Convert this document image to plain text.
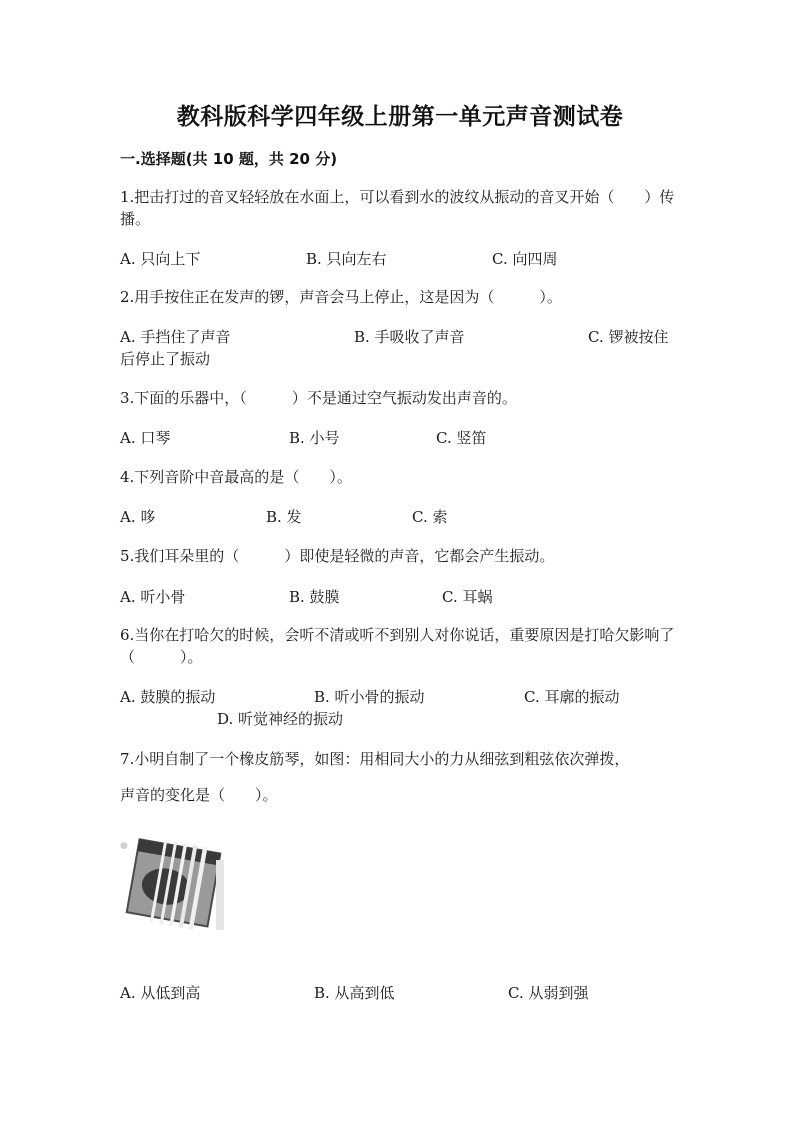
教科版科学四年级上册第一单元声音测试卷
一.选择题(共 10 题，共 20 分)
1.把击打过的音叉轻轻放在水面上，可以看到水的波纹从振动的音叉开始（　　）传播。
A. 只向上下	B. 只向左右	C. 向四周
2.用手按住正在发声的锣，声音会马上停止，这是因为（　　　）。
A. 手挡住了声音	B. 手吸收了声音	C. 锣被按住
后停止了振动
3.下面的乐器中，（　　　）不是通过空气振动发出声音的。
A. 口琴	B. 小号	C. 竖笛
4.下列音阶中音最高的是（　　）。
A. 哆	B. 发	C. 索
5.我们耳朵里的（　　　）即使是轻微的声音，它都会产生振动。
A. 听小骨	B. 鼓膜	C. 耳蜗
6.当你在打哈欠的时候，会听不清或听不到别人对你说话，重要原因是打哈欠影响了（　　　）。
A. 鼓膜的振动	B. 听小骨的振动	C. 耳廓的振动
D. 听觉神经的振动
7.小明自制了一个橡皮筋琴，如图：用相同大小的力从细弦到粗弦依次弹拨，
声音的变化是（　　）。
●
A. 从低到高	B. 从高到低	C. 从弱到强
